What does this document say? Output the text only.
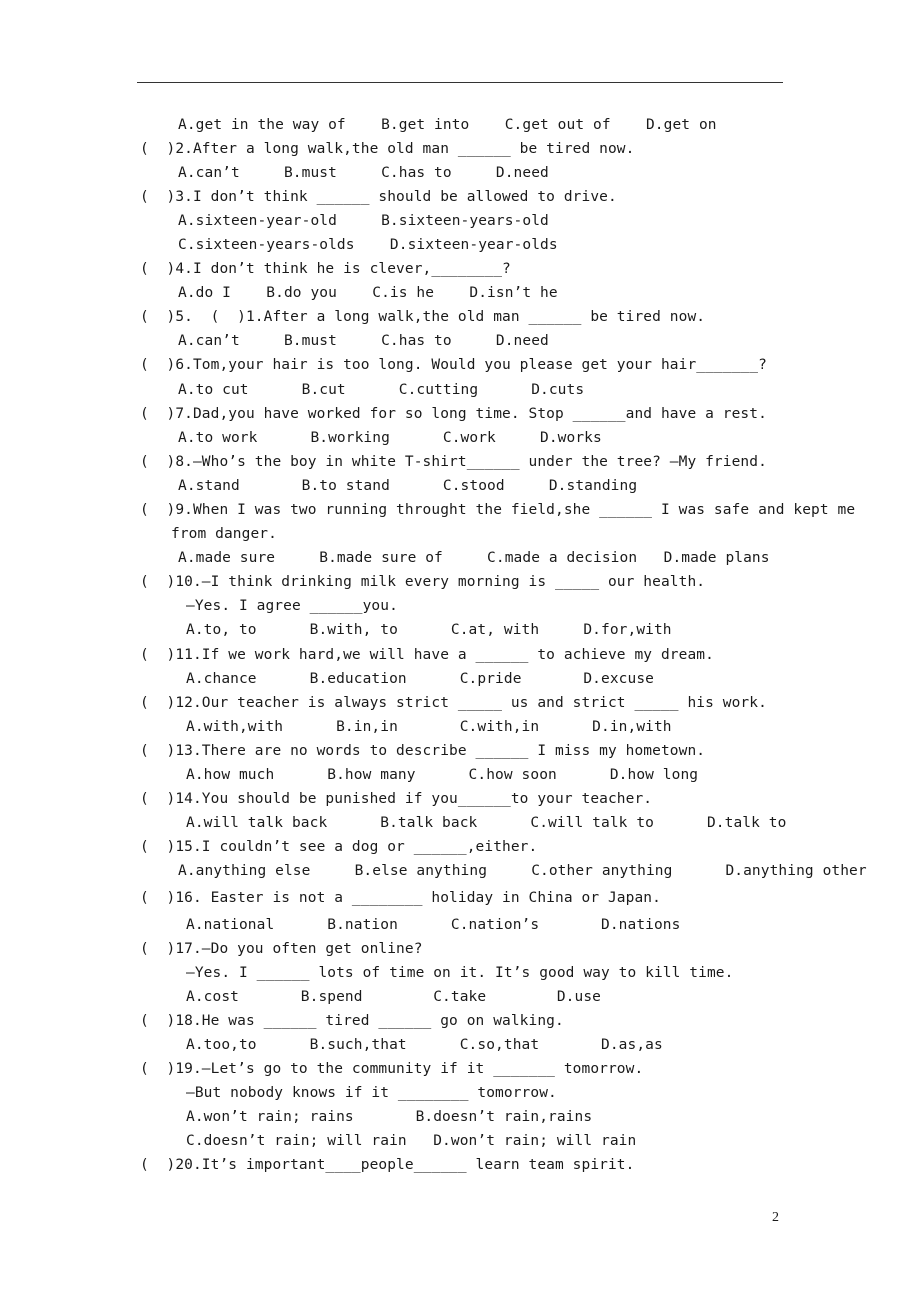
A.get in the way of    B.get into    C.get out of    D.get on
(  )2.After a long walk,the old man ______ be tired now.
A.can’t     B.must     C.has to     D.need
(  )3.I don’t think ______ should be allowed to drive.
A.sixteen-year-old     B.sixteen-years-old
C.sixteen-years-olds    D.sixteen-year-olds
(  )4.I don’t think he is clever,________?
A.do I    B.do you    C.is he    D.isn’t he
(  )5.  (  )1.After a long walk,the old man ______ be tired now.
A.can’t     B.must     C.has to     D.need
(  )6.Tom,your hair is too long. Would you please get your hair_______?
A.to cut      B.cut      C.cutting      D.cuts
(  )7.Dad,you have worked for so long time. Stop ______and have a rest.
A.to work      B.working      C.work     D.works
(  )8.—Who’s the boy in white T-shirt______ under the tree? —My friend.
A.stand       B.to stand      C.stood     D.standing
(  )9.When I was two running throught the field,she ______ I was safe and kept me
from danger.
A.made sure     B.made sure of     C.made a decision   D.made plans
(  )10.—I think drinking milk every morning is _____ our health.
—Yes. I agree ______you.
A.to, to      B.with, to      C.at, with     D.for,with
(  )11.If we work hard,we will have a ______ to achieve my dream.
A.chance      B.education      C.pride       D.excuse
(  )12.Our teacher is always strict _____ us and strict _____ his work.
A.with,with      B.in,in       C.with,in      D.in,with
(  )13.There are no words to describe ______ I miss my hometown.
A.how much      B.how many      C.how soon      D.how long
(  )14.You should be punished if you______to your teacher.
A.will talk back      B.talk back      C.will talk to      D.talk to
(  )15.I couldn’t see a dog or ______,either.
A.anything else     B.else anything     C.other anything      D.anything other
(  )16. Easter is not a ________ holiday in China or Japan.
A.national      B.nation      C.nation’s       D.nations
(  )17.—Do you often get online?
—Yes. I ______ lots of time on it. It’s good way to kill time.
A.cost       B.spend        C.take        D.use
(  )18.He was ______ tired ______ go on walking.
A.too,to      B.such,that      C.so,that       D.as,as
(  )19.—Let’s go to the community if it _______ tomorrow.
—But nobody knows if it ________ tomorrow.
A.won’t rain; rains       B.doesn’t rain,rains
C.doesn’t rain; will rain   D.won’t rain; will rain
(  )20.It’s important____people______ learn team spirit.
2
